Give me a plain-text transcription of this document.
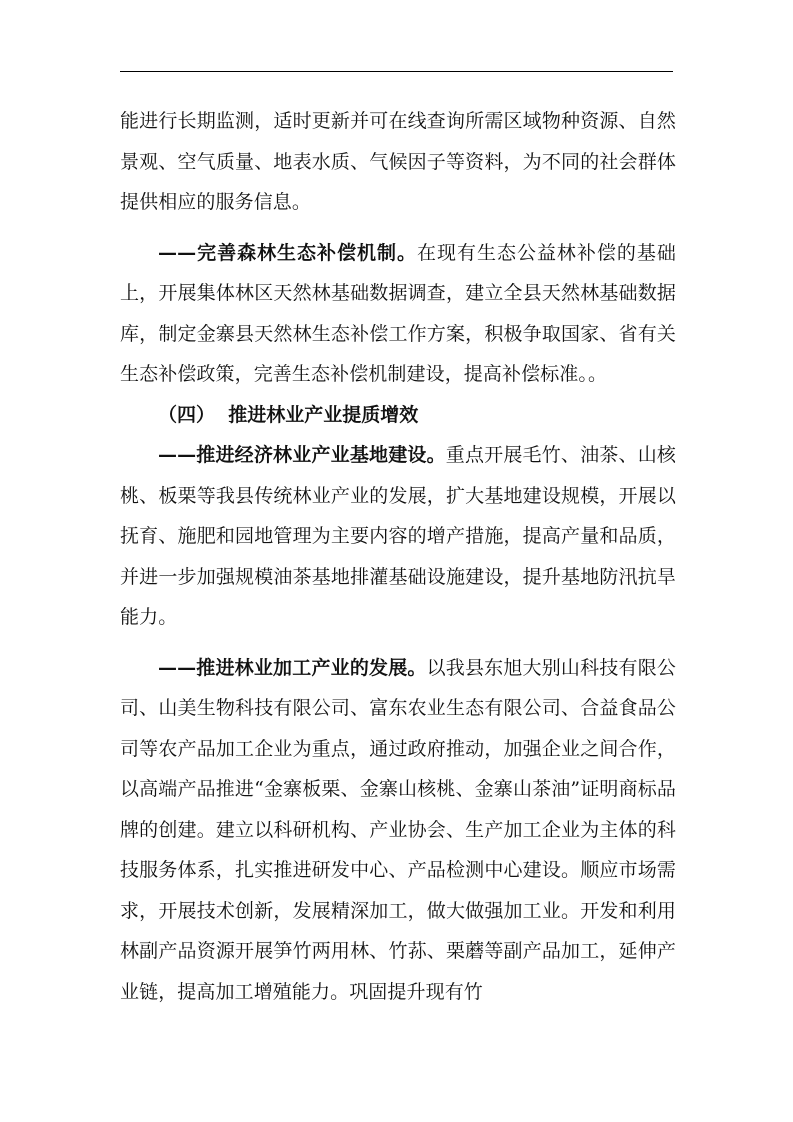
能进行长期监测，适时更新并可在线查询所需区域物种资源、自然景观、空气质量、地表水质、气候因子等资料，为不同的社会群体提供相应的服务信息。

——完善森林生态补偿机制。在现有生态公益林补偿的基础上，开展集体林区天然林基础数据调查，建立全县天然林基础数据库，制定金寨县天然林生态补偿工作方案，积极争取国家、省有关生态补偿政策，完善生态补偿机制建设，提高补偿标准。。

（四）  推进林业产业提质增效

——推进经济林业产业基地建设。重点开展毛竹、油茶、山核桃、板栗等我县传统林业产业的发展，扩大基地建设规模，开展以抚育、施肥和园地管理为主要内容的增产措施，提高产量和品质，并进一步加强规模油茶基地排灌基础设施建设，提升基地防汛抗旱能力。

——推进林业加工产业的发展。以我县东旭大别山科技有限公司、山美生物科技有限公司、富东农业生态有限公司、合益食品公司等农产品加工企业为重点，通过政府推动，加强企业之间合作，以高端产品推进“金寨板栗、金寨山核桃、金寨山茶油”证明商标品牌的创建。建立以科研机构、产业协会、生产加工企业为主体的科技服务体系，扎实推进研发中心、产品检测中心建设。顺应市场需求，开展技术创新，发展精深加工，做大做强加工业。开发和利用林副产品资源开展笋竹两用林、竹荪、栗蘑等副产品加工，延伸产业链，提高加工增殖能力。巩固提升现有竹
